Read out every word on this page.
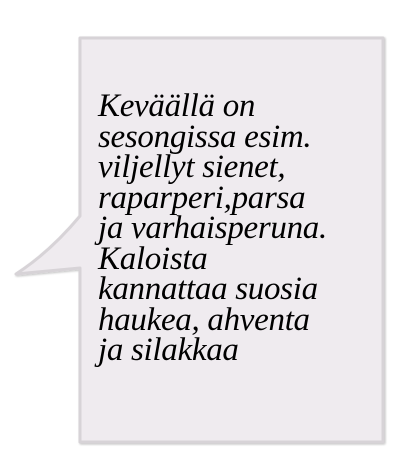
Keväällä on
sesongissa esim.
viljellyt sienet,
raparperi,parsa
ja varhaisperuna.
Kaloista
kannattaa suosia
haukea, ahventa
ja silakkaa
